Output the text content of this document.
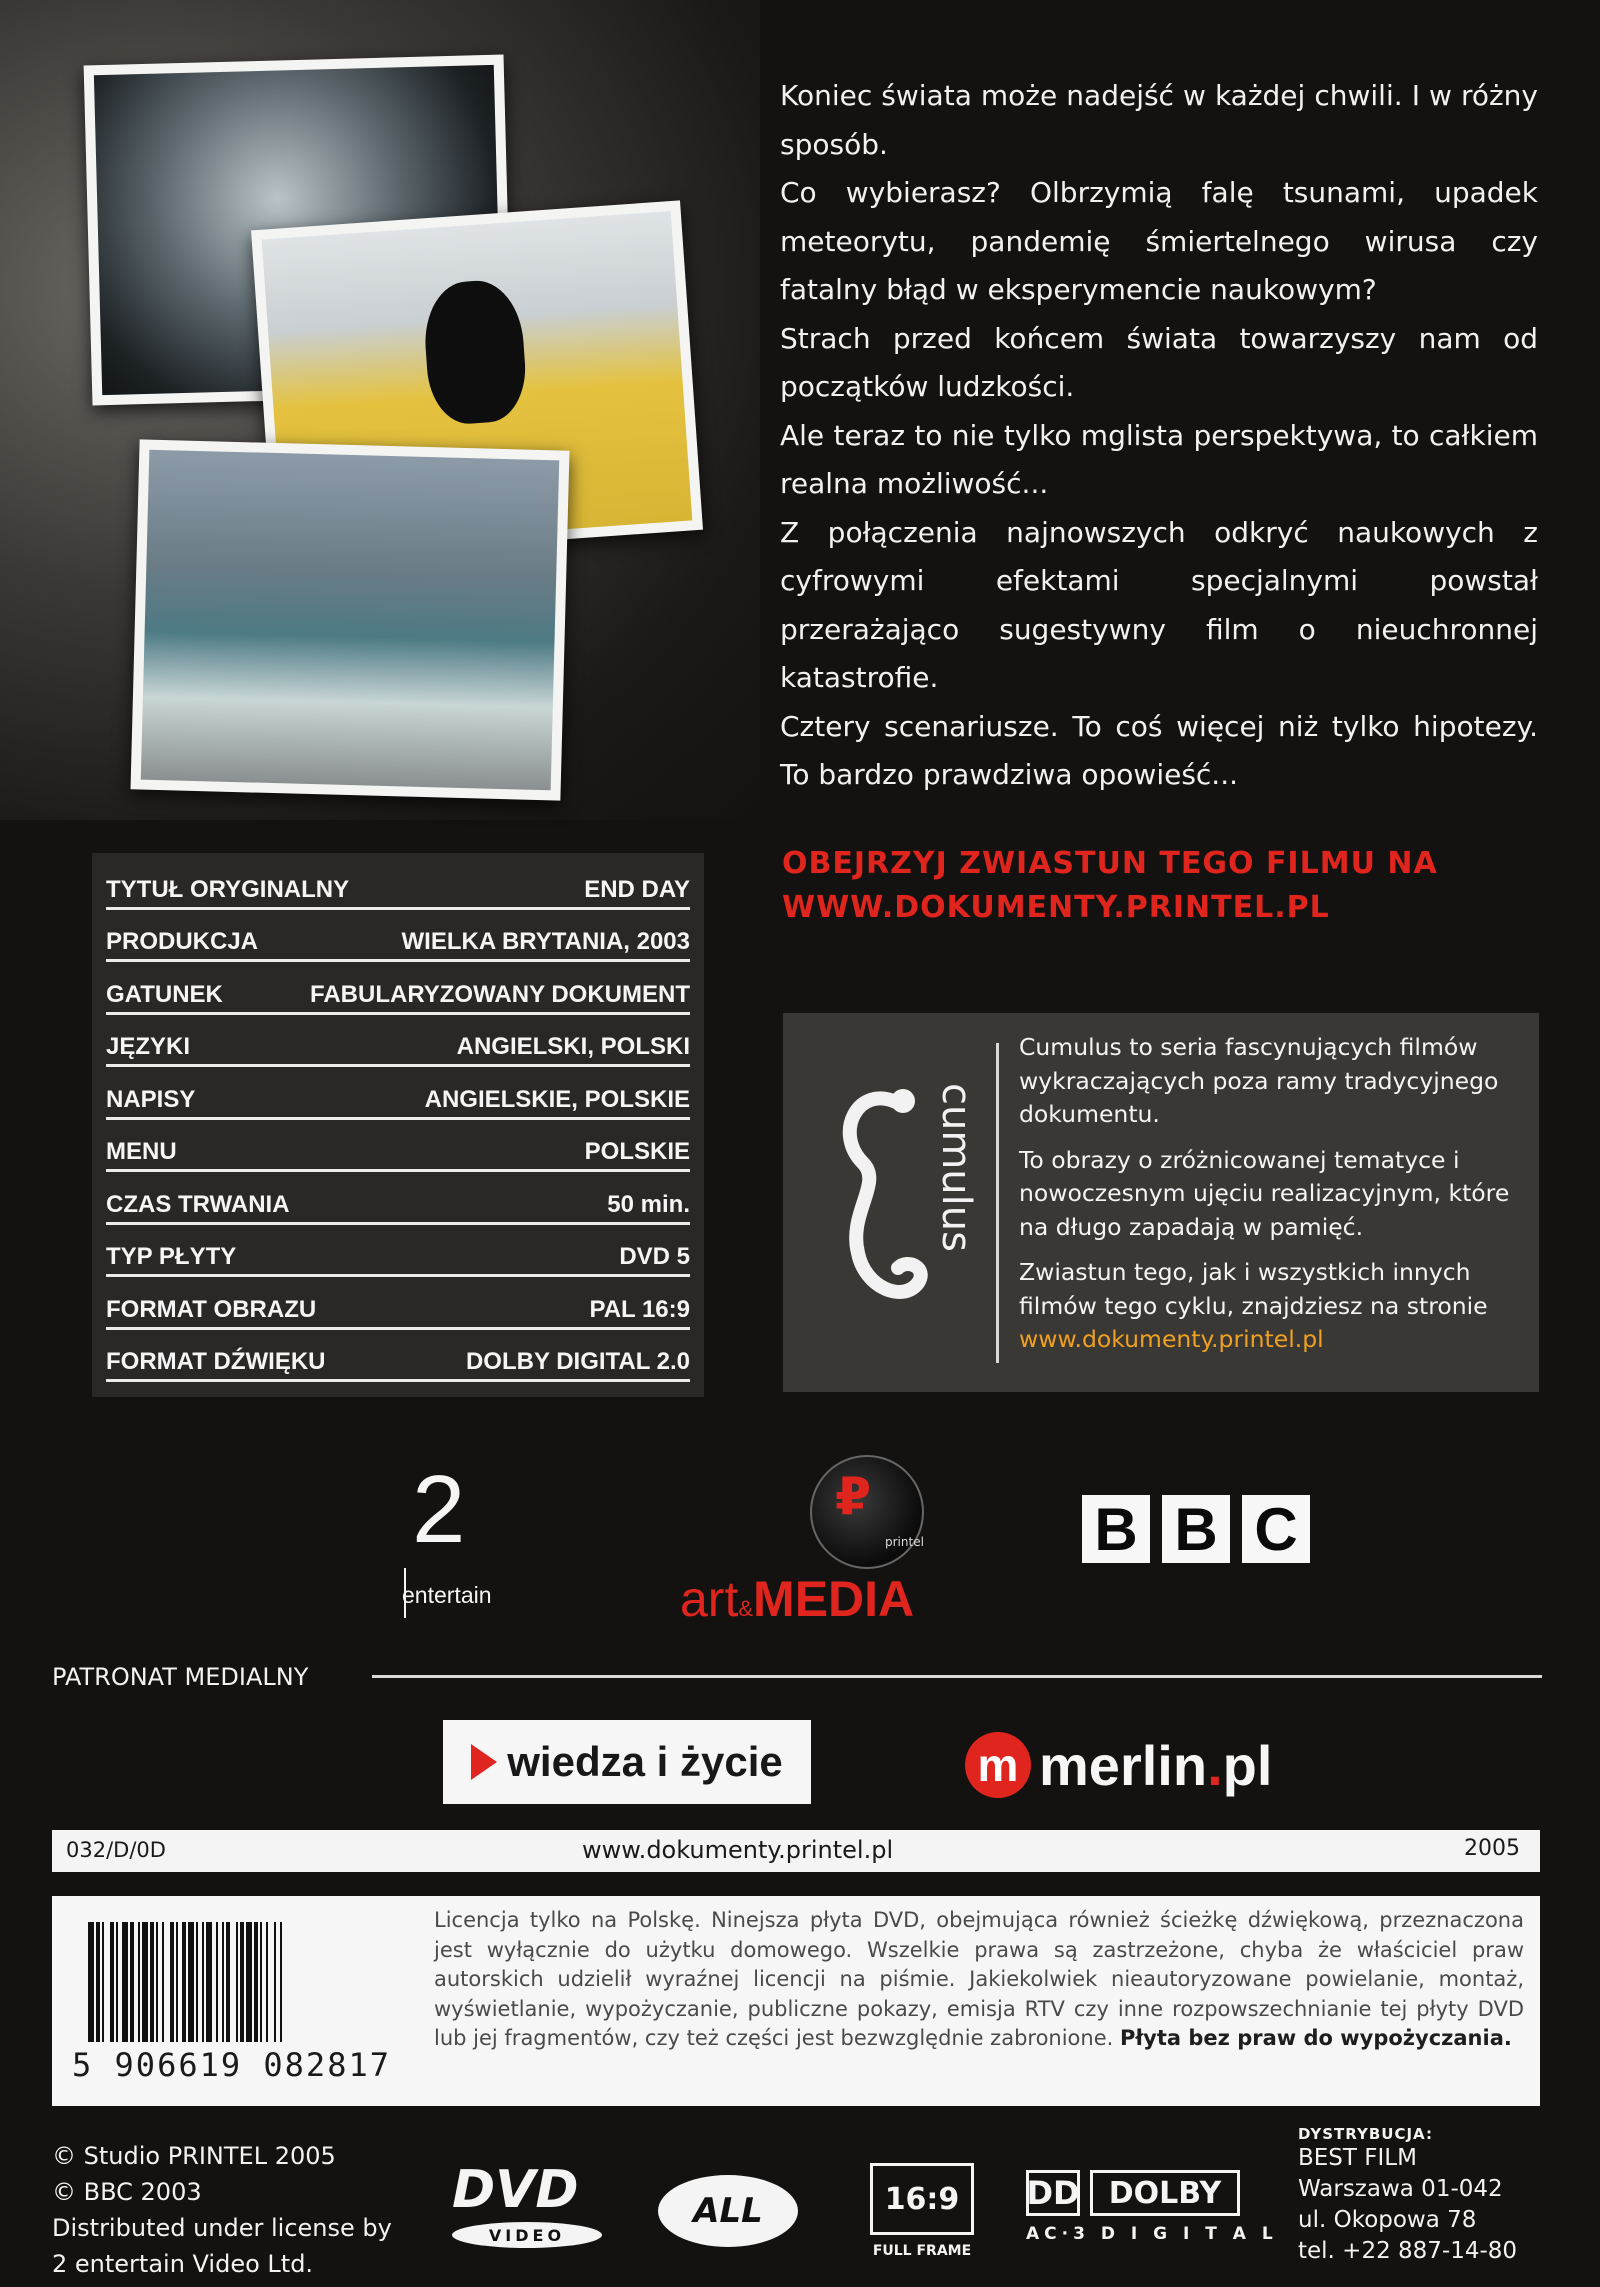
Koniec świata może nadejść w każdej chwili. I w różny sposób.

Co wybierasz? Olbrzymią falę tsunami, upadek meteorytu, pandemię śmiertelnego wirusa czy fatalny błąd w eksperymencie naukowym?

Strach przed końcem świata towarzyszy nam od początków ludzkości.

Ale teraz to nie tylko mglista perspektywa, to całkiem realna możliwość...

Z połączenia najnowszych odkryć naukowych z cyfrowymi efektami specjalnymi powstał przerażająco sugestywny film o nieuchronnej katastrofie.

Cztery scenariusze. To coś więcej niż tylko hipotezy. To bardzo prawdziwa opowieść...

OBEJRZYJ ZWIASTUN TEGO FILMU NA
WWW.DOKUMENTY.PRINTEL.PL
TYTUŁ ORYGINALNY	END DAY
PRODUKCJA	WIELKA BRYTANIA, 2003
GATUNEK	FABULARYZOWANY DOKUMENT
JĘZYKI	ANGIELSKI, POLSKI
NAPISY	ANGIELSKIE, POLSKIE
MENU	POLSKIE
CZAS TRWANIA	50 min.
TYP PŁYTY	DVD 5
FORMAT OBRAZU	PAL 16:9
FORMAT DŹWIĘKU	DOLBY DIGITAL 2.0
cumulus

Cumulus to seria fascynujących filmów wykraczających poza ramy tradycyjnego dokumentu.

To obrazy o zróżnicowanej tematyce i nowoczesnym ujęciu realizacyjnym, które na długo zapadają w pamięć.

Zwiastun tego, jak i wszystkich innych filmów tego cyklu, znajdziesz na stronie www.dokumenty.printel.pl

2
entertain
₽
printel
art&MEDIA
B B C
PATRONAT MEDIALNY
wiedza i życie	m merlin.pl
032/D/0D	www.dokumenty.printel.pl	2005
5 906619 082817
Licencja tylko na Polskę. Ninejsza płyta DVD, obejmująca również ścieżkę dźwiękową, przeznaczona jest wyłącznie do użytku domowego. Wszelkie prawa są zastrzeżone, chyba że właściciel praw autorskich udzielił wyraźnej licencji na piśmie. Jakiekolwiek nieautoryzowane powielanie, montaż, wyświetlanie, wypożyczanie, publiczne pokazy, emisja RTV czy inne rozpowszechnianie tej płyty DVD lub jej fragmentów, czy też części jest bezwzględnie zabronione. Płyta bez praw do wypożyczania.
© Studio PRINTEL 2005
© BBC 2003
Distributed under license by
2 entertain Video Ltd.
DVD
VIDEO
ALL	16:9
FULL FRAME
DD DOLBY
AC·3 D I G I T A L
DYSTRYBUCJA:
BEST FILM
Warszawa 01-042
ul. Okopowa 78
tel. +22 887-14-80
